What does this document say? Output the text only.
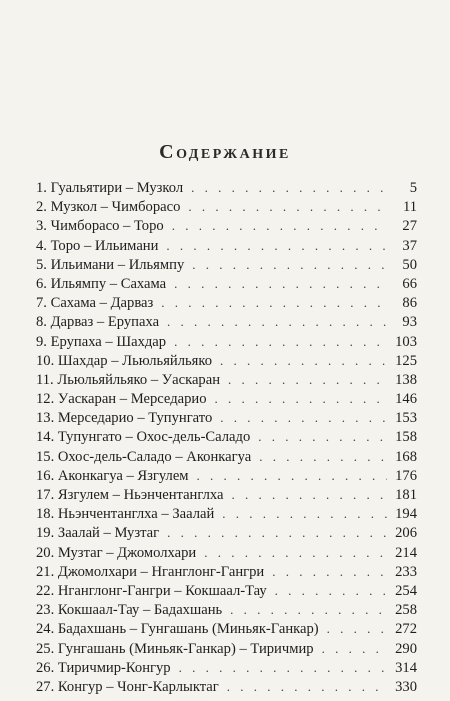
Содержание
1. Гуальятири – Музкол . . .	5
2. Музкол – Чимборасо . . .	11
3. Чимборасо – Торо . . .	27
4. Торо – Ильимани . . .	37
5. Ильимани – Ильямпу . . .	50
6. Ильямпу – Сахама . . .	66
7. Сахама – Дарваз . . .	86
8. Дарваз – Ерупаха . . .	93
9. Ерупаха – Шахдар . . .	103
10. Шахдар – Льюльяйльяко . . .	125
11. Льюльяйльяко – Уаскаран . . .	138
12. Уаскаран – Мерседарио . . .	146
13. Мерседарио – Тупунгато . . .	153
14. Тупунгато – Охос-дель-Саладо . . .	158
15. Охос-дель-Саладо – Аконкагуа . . .	168
16. Аконкагуа – Язгулем . . .	176
17. Язгулем – Ньэнчентанглха . . .	181
18. Ньэнчентанглха – Заалай . . .	194
19. Заалай – Музтаг . . .	206
20. Музтаг – Джомолхари . . .	214
21. Джомолхари – Нганглонг-Гангри . . .	233
22. Нганглонг-Гангри – Кокшаал-Тау . . .	254
23. Кокшаал-Тау – Бадахшань . . .	258
24. Бадахшань – Гунгашань (Миньяк-Ганкар) . . .	272
25. Гунгашань (Миньяк-Ганкар) – Тиричмир . . .	290
26. Тиричмир-Конгур . . .	314
27. Конгур – Чонг-Карлыктаг . . .	330
